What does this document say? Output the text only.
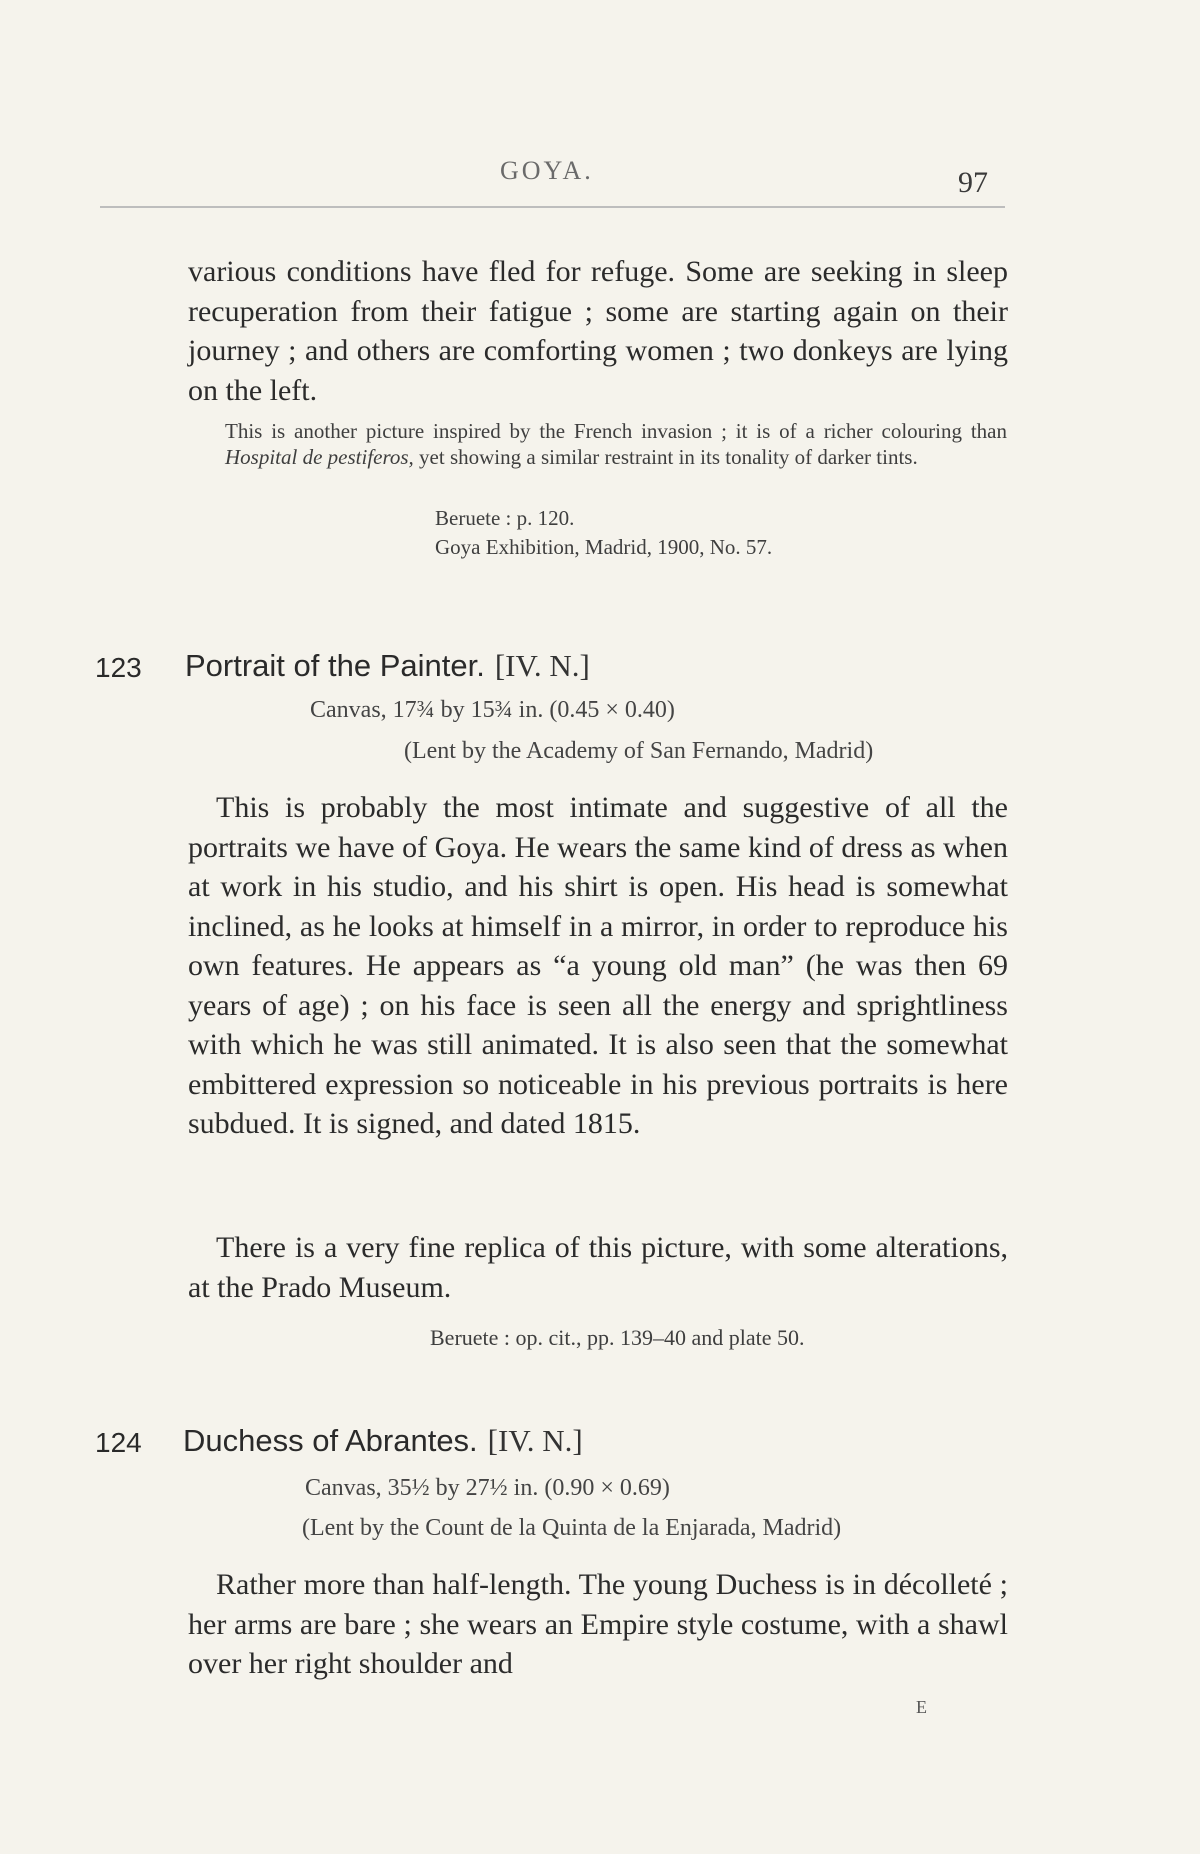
GOYA.	97
various conditions have fled for refuge. Some are seeking in sleep recuperation from their fatigue ; some are starting again on their journey ; and others are comforting women ; two donkeys are lying on the left.
This is another picture inspired by the French invasion ; it is of a richer colouring than Hospital de pestiferos, yet showing a similar restraint in its tonality of darker tints.
Beruete : p. 120.
Goya Exhibition, Madrid, 1900, No. 57.
123 Portrait of the Painter. [IV. N.]
Canvas, 17¾ by 15¾ in. (0.45 × 0.40)
(Lent by the Academy of San Fernando, Madrid)
This is probably the most intimate and suggestive of all the portraits we have of Goya. He wears the same kind of dress as when at work in his studio, and his shirt is open. His head is somewhat inclined, as he looks at himself in a mirror, in order to reproduce his own features. He appears as “a young old man” (he was then 69 years of age) ; on his face is seen all the energy and sprightliness with which he was still animated. It is also seen that the somewhat embittered expression so noticeable in his previous portraits is here subdued. It is signed, and dated 1815.
There is a very fine replica of this picture, with some alterations, at the Prado Museum.
Beruete : op. cit., pp. 139–40 and plate 50.
124 Duchess of Abrantes. [IV. N.]
Canvas, 35½ by 27½ in. (0.90 × 0.69)
(Lent by the Count de la Quinta de la Enjarada, Madrid)
Rather more than half-length. The young Duchess is in décolleté ; her arms are bare ; she wears an Empire style costume, with a shawl over her right shoulder and
E
